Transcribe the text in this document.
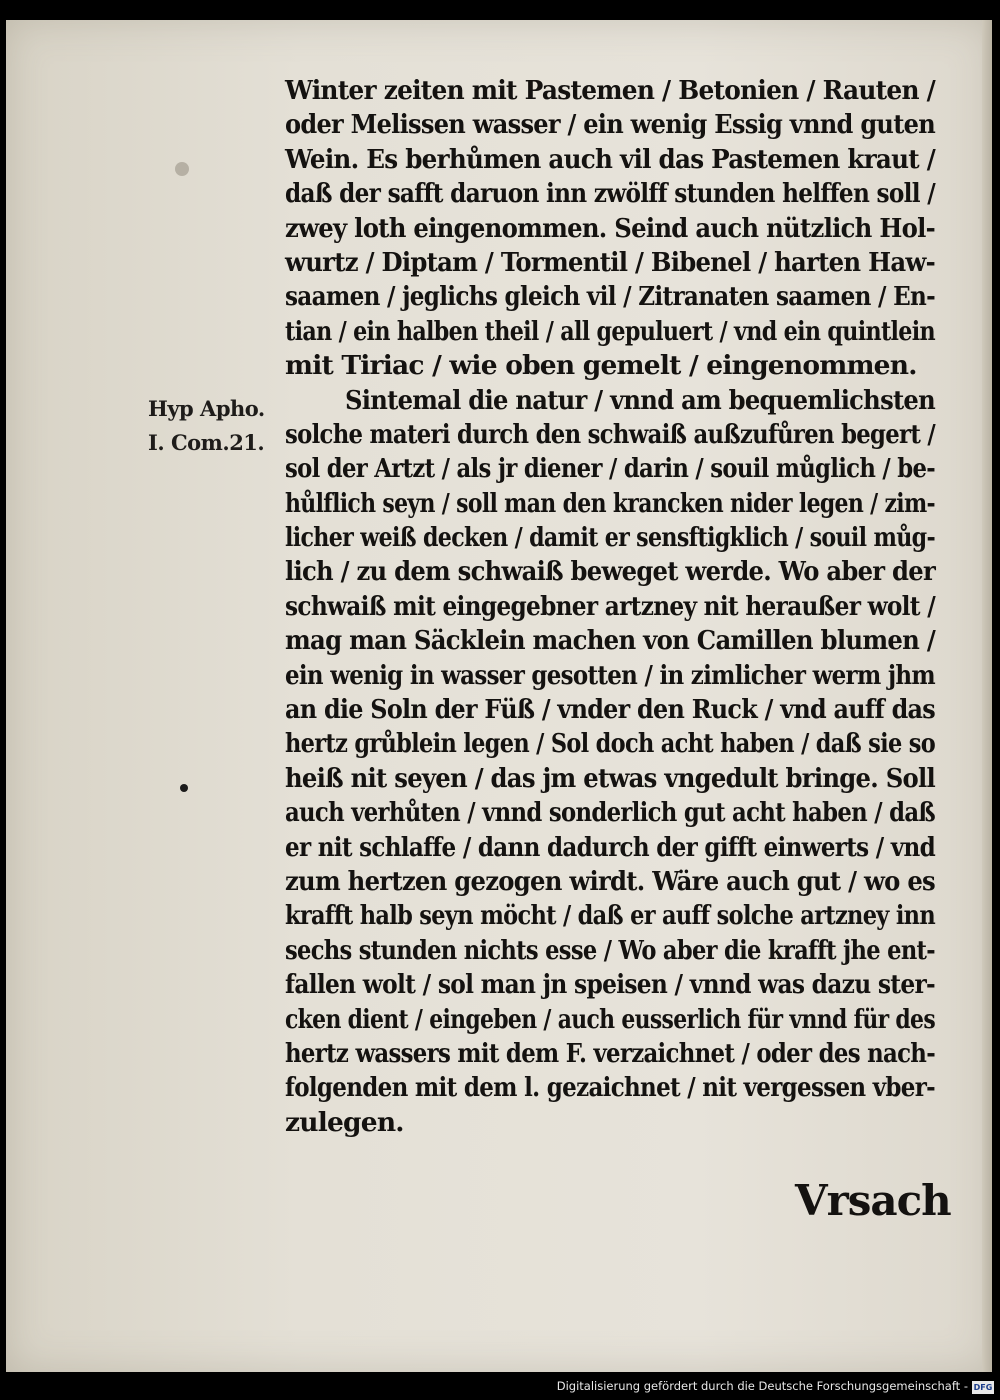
Hyp Apho.
I. Com.21.
Winter zeiten mit Pastemen / Betonien / Rauten /
oder Melissen wasser / ein wenig Essig vnnd guten
Wein. Es berhůmen auch vil das Pastemen kraut /
daß der safft daruon inn zwölff stunden helffen soll /
zwey loth eingenommen. Seind auch nützlich Hol-
wurtz / Diptam / Tormentil / Bibenel / harten Haw-
saamen / jeglichs gleich vil / Zitranaten saamen / En-
tian / ein halben theil / all gepuluert / vnd ein quintlein
mit Tiriac / wie oben gemelt / eingenommen.
Sintemal die natur / vnnd am bequemlichsten
solche materi durch den schwaiß außzufůren begert /
sol der Artzt / als jr diener / darin / souil můglich / be-
hůlflich seyn / soll man den krancken nider legen / zim-
licher weiß decken / damit er sensftigklich / souil můg-
lich / zu dem schwaiß beweget werde. Wo aber der
schwaiß mit eingegebner artzney nit heraußer wolt /
mag man Säcklein machen von Camillen blumen /
ein wenig in wasser gesotten / in zimlicher werm jhm
an die Soln der Füß / vnder den Ruck / vnd auff das
hertz grůblein legen / Sol doch acht haben / daß sie so
heiß nit seyen / das jm etwas vngedult bringe. Soll
auch verhůten / vnnd sonderlich gut acht haben / daß
er nit schlaffe / dann dadurch der gifft einwerts / vnd
zum hertzen gezogen wirdt. Wäre auch gut / wo es
krafft halb seyn möcht / daß er auff solche artzney inn
sechs stunden nichts esse / Wo aber die krafft jhe ent-
fallen wolt / sol man jn speisen / vnnd was dazu ster-
cken dient / eingeben / auch eusserlich für vnnd für des
hertz wassers mit dem F. verzaichnet / oder des nach-
folgenden mit dem l. gezaichnet / nit vergessen vber-
zulegen.
Vrsach
Digitalisierung gefördert durch die Deutsche Forschungsgemeinschaft - DFG
